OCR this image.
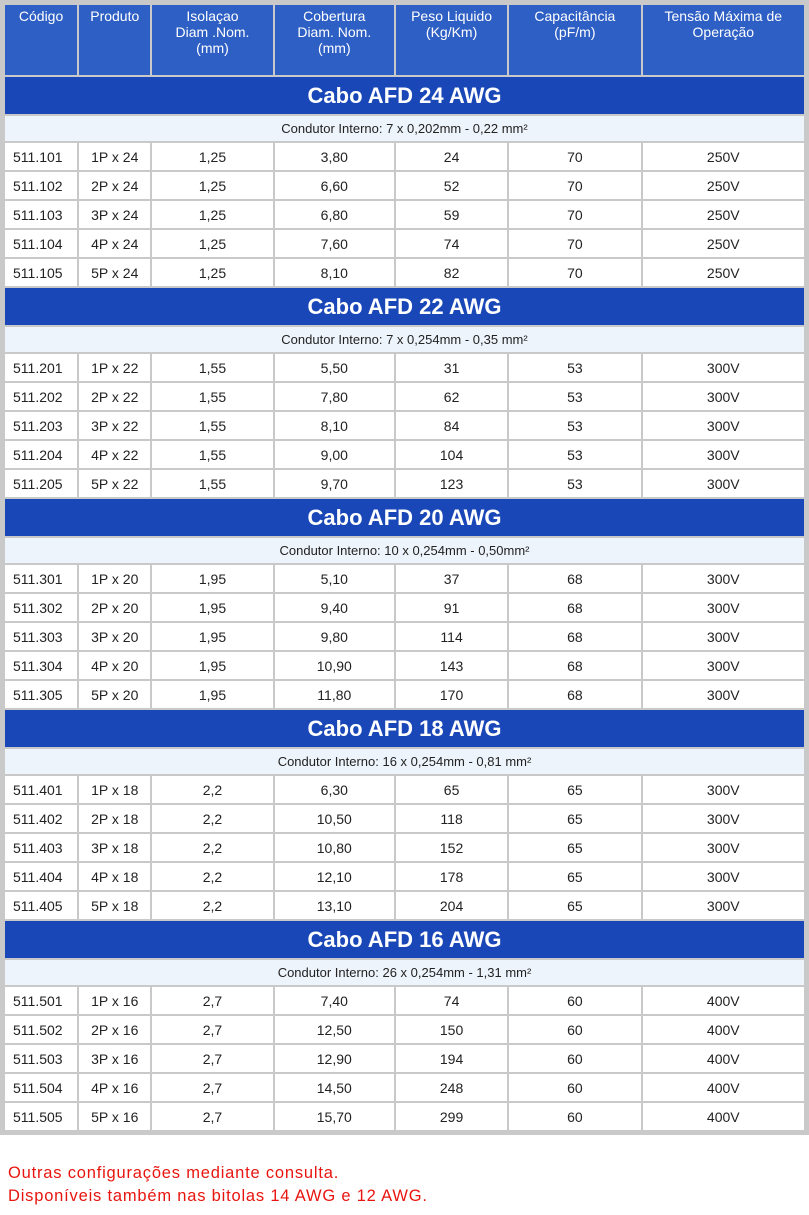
Código	Produto	Isolaçao
Diam .Nom.
(mm)	Cobertura
Diam. Nom.
(mm)	Peso Liquido
(Kg/Km)	Capacitância
(pF/m)	Tensão Máxima de
Operação
Cabo AFD 24 AWG						
Condutor Interno: 7 x 0,202mm - 0,22 mm²						
511.101	1P x 24	1,25	3,80	24	70	250V
511.102	2P x 24	1,25	6,60	52	70	250V
511.103	3P x 24	1,25	6,80	59	70	250V
511.104	4P x 24	1,25	7,60	74	70	250V
511.105	5P x 24	1,25	8,10	82	70	250V
Cabo AFD 22 AWG						
Condutor Interno: 7 x 0,254mm - 0,35 mm²						
511.201	1P x 22	1,55	5,50	31	53	300V
511.202	2P x 22	1,55	7,80	62	53	300V
511.203	3P x 22	1,55	8,10	84	53	300V
511.204	4P x 22	1,55	9,00	104	53	300V
511.205	5P x 22	1,55	9,70	123	53	300V
Cabo AFD 20 AWG						
Condutor Interno: 10 x 0,254mm - 0,50mm²						
511.301	1P x 20	1,95	5,10	37	68	300V
511.302	2P x 20	1,95	9,40	91	68	300V
511.303	3P x 20	1,95	9,80	114	68	300V
511.304	4P x 20	1,95	10,90	143	68	300V
511.305	5P x 20	1,95	11,80	170	68	300V
Cabo AFD 18 AWG						
Condutor Interno: 16 x 0,254mm - 0,81 mm²						
511.401	1P x 18	2,2	6,30	65	65	300V
511.402	2P x 18	2,2	10,50	118	65	300V
511.403	3P x 18	2,2	10,80	152	65	300V
511.404	4P x 18	2,2	12,10	178	65	300V
511.405	5P x 18	2,2	13,10	204	65	300V
Cabo AFD 16 AWG						
Condutor Interno: 26 x 0,254mm - 1,31 mm²						
511.501	1P x 16	2,7	7,40	74	60	400V
511.502	2P x 16	2,7	12,50	150	60	400V
511.503	3P x 16	2,7	12,90	194	60	400V
511.504	4P x 16	2,7	14,50	248	60	400V
511.505	5P x 16	2,7	15,70	299	60	400V
Outras configurações mediante consulta.
Disponíveis também nas bitolas 14 AWG e 12 AWG.
